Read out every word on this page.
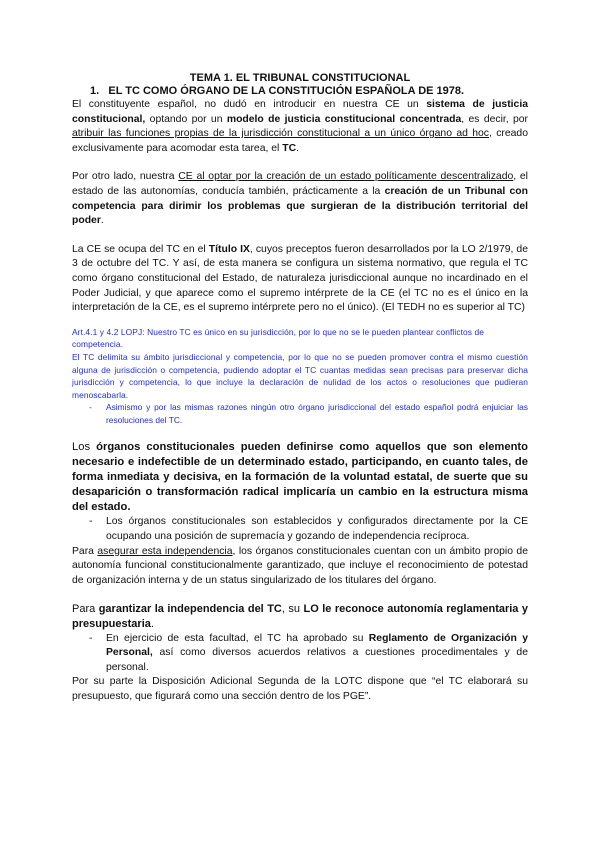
TEMA 1. EL TRIBUNAL CONSTITUCIONAL

1. EL TC COMO ÓRGANO DE LA CONSTITUCIÓN ESPAÑOLA DE 1978.

El constituyente español, no dudó en introducir en nuestra CE un sistema de justicia constitucional, optando por un modelo de justicia constitucional concentrada, es decir, por atribuir las funciones propias de la jurisdicción constitucional a un único órgano ad hoc, creado exclusivamente para acomodar esta tarea, el TC.

Por otro lado, nuestra CE al optar por la creación de un estado políticamente descentralizado, el estado de las autonomías, conducía también, prácticamente a la creación de un Tribunal con competencia para dirimir los problemas que surgieran de la distribución territorial del poder.

La CE se ocupa del TC en el Título IX, cuyos preceptos fueron desarrollados por la LO 2/1979, de 3 de octubre del TC. Y así, de esta manera se configura un sistema normativo, que regula el TC como órgano constitucional del Estado, de naturaleza jurisdiccional aunque no incardinado en el Poder Judicial, y que aparece como el supremo intérprete de la CE (el TC no es el único en la interpretación de la CE, es el supremo intérprete pero no el único). (El TEDH no es superior al TC)

Art.4.1 y 4.2 LOPJ: Nuestro TC es único en su jurisdicción, por lo que no se le pueden plantear conflictos de competencia.

El TC delimita su ámbito jurisdiccional y competencia, por lo que no se pueden promover contra el mismo cuestión alguna de jurisdicción o competencia, pudiendo adoptar el TC cuantas medidas sean precisas para preservar dicha jurisdicción y competencia, lo que incluye la declaración de nulidad de los actos o resoluciones que pudieran menoscabarla.

- Asimismo y por las mismas razones ningún otro órgano jurisdiccional del estado español podrá enjuiciar las resoluciones del TC.

Los órganos constitucionales pueden definirse como aquellos que son elemento necesario e indefectible de un determinado estado, participando, en cuanto tales, de forma inmediata y decisiva, en la formación de la voluntad estatal, de suerte que su desaparición o transformación radical implicaría un cambio en la estructura misma del estado.

- Los órganos constitucionales son establecidos y configurados directamente por la CE ocupando una posición de supremacía y gozando de independencia recíproca.

Para asegurar esta independencia, los órganos constitucionales cuentan con un ámbito propio de autonomía funcional constitucionalmente garantizado, que incluye el reconocimiento de potestad de organización interna y de un status singularizado de los titulares del órgano.

Para garantizar la independencia del TC, su LO le reconoce autonomía reglamentaria y presupuestaria.

- En ejercicio de esta facultad, el TC ha aprobado su Reglamento de Organización y Personal, así como diversos acuerdos relativos a cuestiones procedimentales y de personal.

Por su parte la Disposición Adicional Segunda de la LOTC dispone que “el TC elaborará su presupuesto, que figurará como una sección dentro de los PGE”.
